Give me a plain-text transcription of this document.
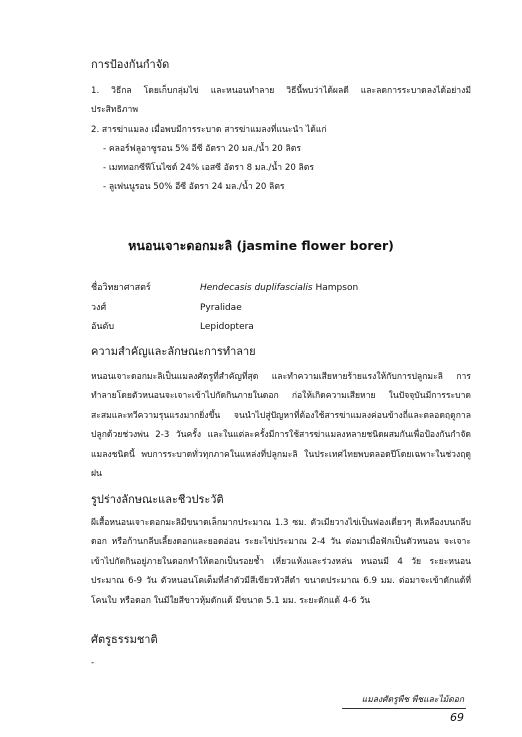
การป้องกันกำจัด
1. วิธีกล โดยเก็บกลุ่มไข่ และหนอนทำลาย วิธีนี้พบว่าได้ผลดี และลดการระบาดลงได้อย่างมีประสิทธิภาพ
2. สารฆ่าแมลง เมื่อพบมีการระบาด สารฆ่าแมลงที่แนะนำ ได้แก่
- คลอร์ฟลูอาซูรอน 5% อีซี อัตรา 20 มล./น้ำ 20 ลิตร
- เมททอกซีฟีโนไซด์ 24% เอสซี อัตรา 8 มล./น้ำ 20 ลิตร
- ลูเฟนนูรอน 50% อีซี อัตรา 24 มล./น้ำ 20 ลิตร
หนอนเจาะดอกมะลิ (jasmine flower borer)
ชื่อวิทยาศาสตร์	Hendecasis duplifascialis Hampson
วงศ์	Pyralidae
อันดับ	Lepidoptera
ความสำคัญและลักษณะการทำลาย
หนอนเจาะดอกมะลิเป็นแมลงศัตรูที่สำคัญที่สุด และทำความเสียหายร้ายแรงให้กับการปลูกมะลิ การทำลายโดยตัวหนอนจะเจาะเข้าไปกัดกินภายในดอก ก่อให้เกิดความเสียหาย ในปัจจุบันมีการระบาดสะสมและทวีความรุนแรงมากยิ่งขึ้น จนนำไปสู่ปัญหาที่ต้องใช้สารฆ่าแมลงค่อนข้างถี่และตลอดฤดูกาลปลูกด้วยช่วงพ่น 2-3 วันครั้ง และในแต่ละครั้งมีการใช้สารฆ่าแมลงหลายชนิดผสมกันเพื่อป้องกันกำจัดแมลงชนิดนี้ พบการระบาดทั่วทุกภาคในแหล่งที่ปลูกมะลิ ในประเทศไทยพบตลอดปีโดยเฉพาะในช่วงฤดูฝน
รูปร่างลักษณะและชีวประวัติ
ผีเสื้อหนอนเจาะดอกมะลิมีขนาดเล็กมากประมาณ 1.3 ซม. ตัวเมียวางไข่เป็นฟองเดี่ยวๆ สีเหลืองบนกลีบดอก หรือก้านกลีบเลี้ยงดอกและยอดอ่อน ระยะไข่ประมาณ 2-4 วัน ต่อมาเมื่อฟักเป็นตัวหนอน จะเจาะเข้าไปกัดกินอยู่ภายในดอกทำให้ดอกเป็นรอยช้ำ เหี่ยวแห้งและร่วงหล่น หนอนมี 4 วัย ระยะหนอนประมาณ 6-9 วัน ตัวหนอนโตเต็มที่ลำตัวมีสีเขียวหัวสีดำ ขนาดประมาณ 6.9 มม. ต่อมาจะเข้าดักแด้ที่โคนใบ หรือดอก ในมีใยสีขาวหุ้มดักแด้ มีขนาด 5.1 มม. ระยะดักแด้ 4-6 วัน
ศัตรูธรรมชาติ
-
แมลงศัตรูพืช พืชและไม้ดอก
69
